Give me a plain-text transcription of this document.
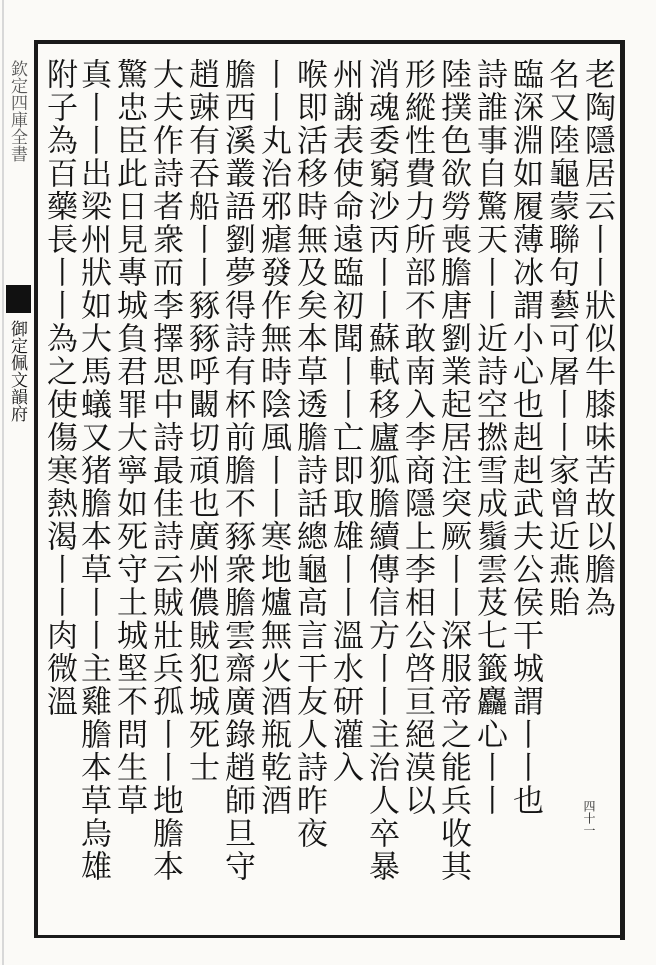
欽定四庫全書
御定佩文韻府
四十一
老陶隱居云丨丨狀似牛膝味苦故以膽為
名又陸龜蒙聯句藝可屠丨丨家曾近燕貽
臨深淵如履薄冰謂小心也赳赳武夫公侯干城謂丨丨也
詩誰事自驚天丨丨近詩空撚雪成鬚雲芨七籤麤心丨丨
陸撲色欲勞喪膽唐劉業起居注突厥丨丨深服帝之能兵收其
形縱性費力所部不敢南入李商隱上李相公啓亘絕漠以
消魂委窮沙丙丨丨蘇軾移廬狐膽續傳信方丨丨主治人卒暴
州謝表使命遠臨初聞丨丨亡即取雄丨丨溫水研灌入
喉即活移時無及矣本草透膽詩話總龜高言干友人詩昨夜
丨丨丸治邪瘧發作無時陰風丨丨寒地爐無火酒瓶乾酒
膽西溪叢語劉夢得詩有杯前膽不豩衆膽雲齋廣錄趙師旦守
趙䜹有吞船丨丨豩豩呼闞切頑也廣州儂賊犯城死士
大夫作詩者衆而李擇思中詩最佳詩云賊壯兵孤丨丨地膽本
驚忠臣此日見專城負君罪大寧如死守土城堅不問生草
真丨丨出梁州狀如大馬蟻又猪膽本草丨丨主雞膽本草烏雄
附子為百藥長丨丨為之使傷寒熱渴丨丨肉微溫
